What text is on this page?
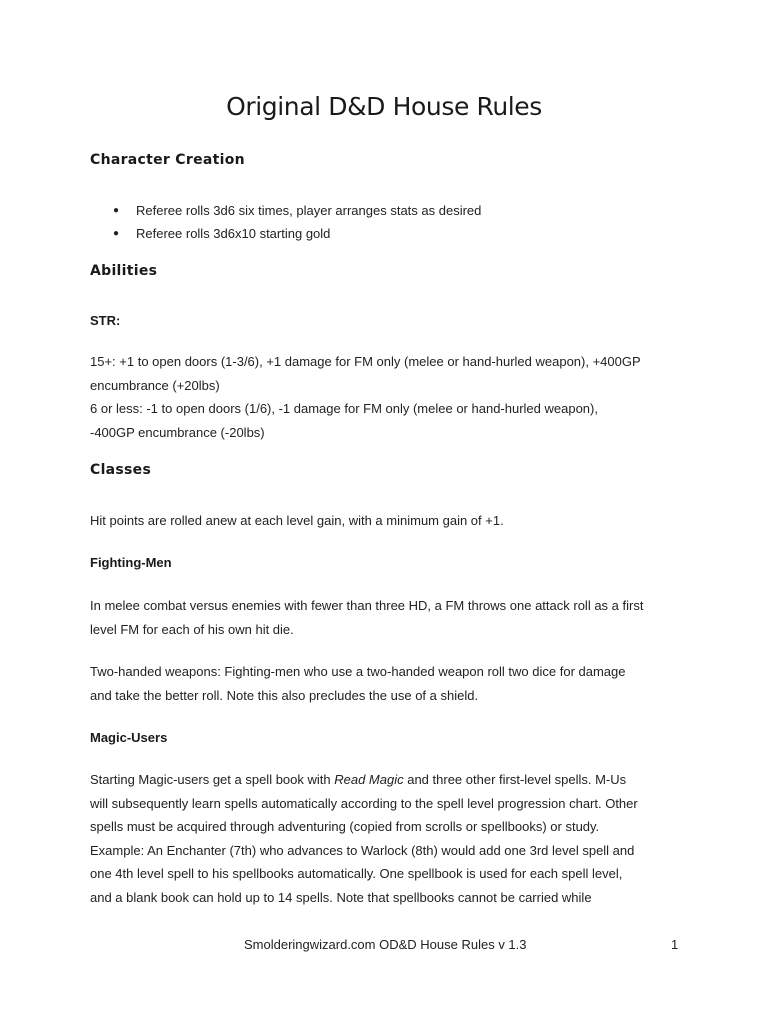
Original D&D House Rules
Character Creation
● Referee rolls 3d6 six times, player arranges stats as desired
● Referee rolls 3d6x10 starting gold
Abilities
STR:
15+: +1 to open doors (1-3/6), +1 damage for FM only (melee or hand-hurled weapon), +400GP
encumbrance (+20lbs)
6 or less: -1 to open doors (1/6), -1 damage for FM only (melee or hand-hurled weapon),
-400GP encumbrance (-20lbs)
Classes
Hit points are rolled anew at each level gain, with a minimum gain of +1.
Fighting-Men
In melee combat versus enemies with fewer than three HD, a FM throws one attack roll as a first
level FM for each of his own hit die.
Two-handed weapons: Fighting-men who use a two-handed weapon roll two dice for damage
and take the better roll. Note this also precludes the use of a shield.
Magic-Users
Starting Magic-users get a spell book with Read Magic and three other first-level spells. M-Us
will subsequently learn spells automatically according to the spell level progression chart. Other
spells must be acquired through adventuring (copied from scrolls or spellbooks) or study.
Example: An Enchanter (7th) who advances to Warlock (8th) would add one 3rd level spell and
one 4th level spell to his spellbooks automatically. One spellbook is used for each spell level,
and a blank book can hold up to 14 spells. Note that spellbooks cannot be carried while
Smolderingwizard.com OD&D House Rules v 1.3	1
